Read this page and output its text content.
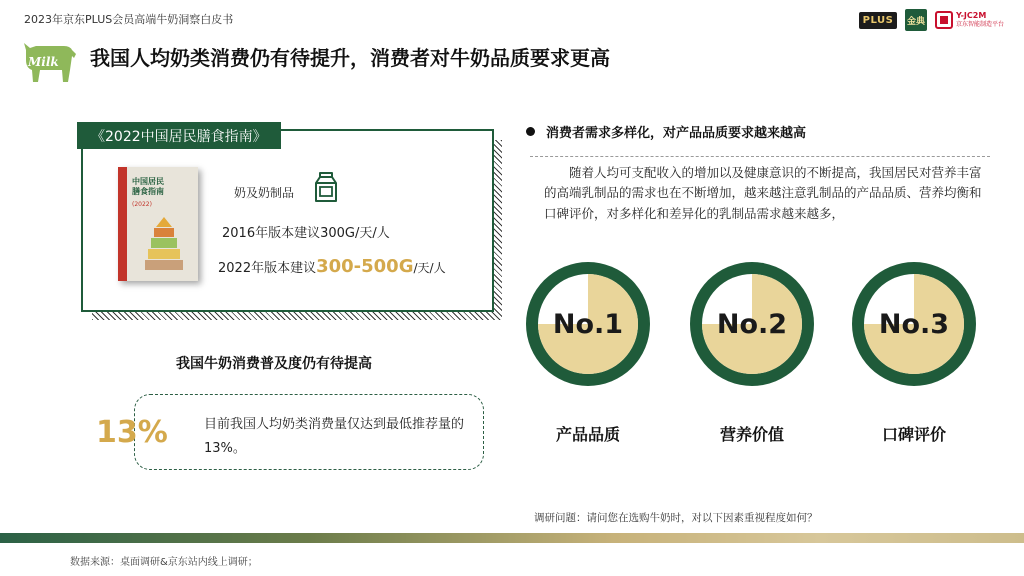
2023年京东PLUS会员高端牛奶洞察白皮书	PLUS	金典
Y-JC2M
京东智能制造平台
Milk 我国人均奶类消费仍有待提升，消费者对牛奶品质要求更高
《2022中国居民膳食指南》
中国居民
膳食指南
(2022)
奶及奶制品
2016年版本建议300G/天/人
2022年版本建议300-500G/天/人
我国牛奶消费普及度仍有待提高
13%	目前我国人均奶类消费量仅达到最低推荐量的13%。
消费者需求多样化，对产品品质要求越来越高
随着人均可支配收入的增加以及健康意识的不断提高，我国居民对营养丰富的高端乳制品的需求也在不断增加，越来越注意乳制品的产品品质、营养均衡和口碑评价，对多样化和差异化的乳制品需求越来越多，
No.1
产品品质
No.2
营养价值
No.3
口碑评价
调研问题：请问您在选购牛奶时，对以下因素重视程度如何？
数据来源：桌面调研&京东站内线上调研；
